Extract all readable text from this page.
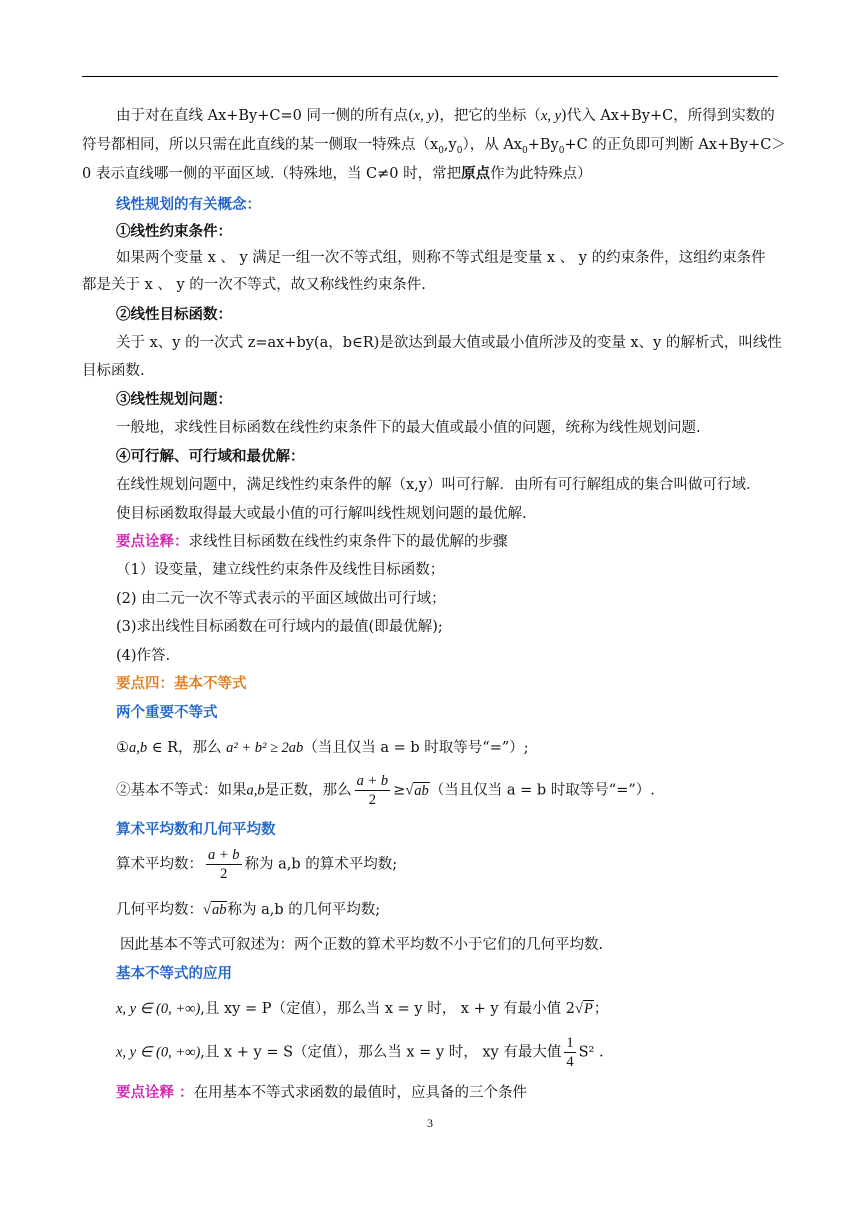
由于对在直线 Ax+By+C=0 同一侧的所有点(x, y)，把它的坐标（x, y)代入 Ax+By+C，所得到实数的
符号都相同，所以只需在此直线的某一侧取一特殊点$(x_0,y_0)$，从 $Ax_0+By_0+C$ 的正负即可判断 Ax+By+C＞
0 表示直线哪一侧的平面区域.（特殊地，当 C≠0 时，常把原点作为此特殊点）
线性规划的有关概念：
①线性约束条件：
如果两个变量 x 、 y 满足一组一次不等式组，则称不等式组是变量 x 、 y 的约束条件，这组约束条件
都是关于 x 、 y 的一次不等式，故又称线性约束条件.
②线性目标函数：
关于 x、y 的一次式 z=ax+by(a，b∈R)是欲达到最大值或最小值所涉及的变量 x、y 的解析式，叫线性
目标函数.
③线性规划问题：
一般地，求线性目标函数在线性约束条件下的最大值或最小值的问题，统称为线性规划问题.
④可行解、可行域和最优解：
在线性规划问题中，满足线性约束条件的解（x,y）叫可行解．由所有可行解组成的集合叫做可行域．
使目标函数取得最大或最小值的可行解叫线性规划问题的最优解.
要点诠释：求线性目标函数在线性约束条件下的最优解的步骤
（1）设变量，建立线性约束条件及线性目标函数；
(2) 由二元一次不等式表示的平面区域做出可行域；
(3)求出线性目标函数在可行域内的最值(即最优解);
(4)作答.
要点四：基本不等式
两个重要不等式
①a,b ∈ R，那么 a² + b² ≥ 2ab（当且仅当 a = b 时取等号“=”）;
②基本不等式：如果a,b是正数，那么 $\frac{a + b}{2} \ge√ab$（当且仅当 a = b 时取等号“=”）.
算术平均数和几何平均数
算术平均数： $\frac{a + b}{2}$ 称为 a,b 的算术平均数;
几何平均数：√ab称为 a,b 的几何平均数;
因此基本不等式可叙述为：两个正数的算术平均数不小于它们的几何平均数.
基本不等式的应用
x, y ∈ (0, +∞),且 xy = P（定值），那么当 x = y 时， x + y 有最小值 2√P；
x, y ∈ (0, +∞),且 x + y = S（定值），那么当 x = y 时， xy 有最大值 $\frac{1}{4} S^2$ .
要点诠释 ：在用基本不等式求函数的最值时，应具备的三个条件
3
